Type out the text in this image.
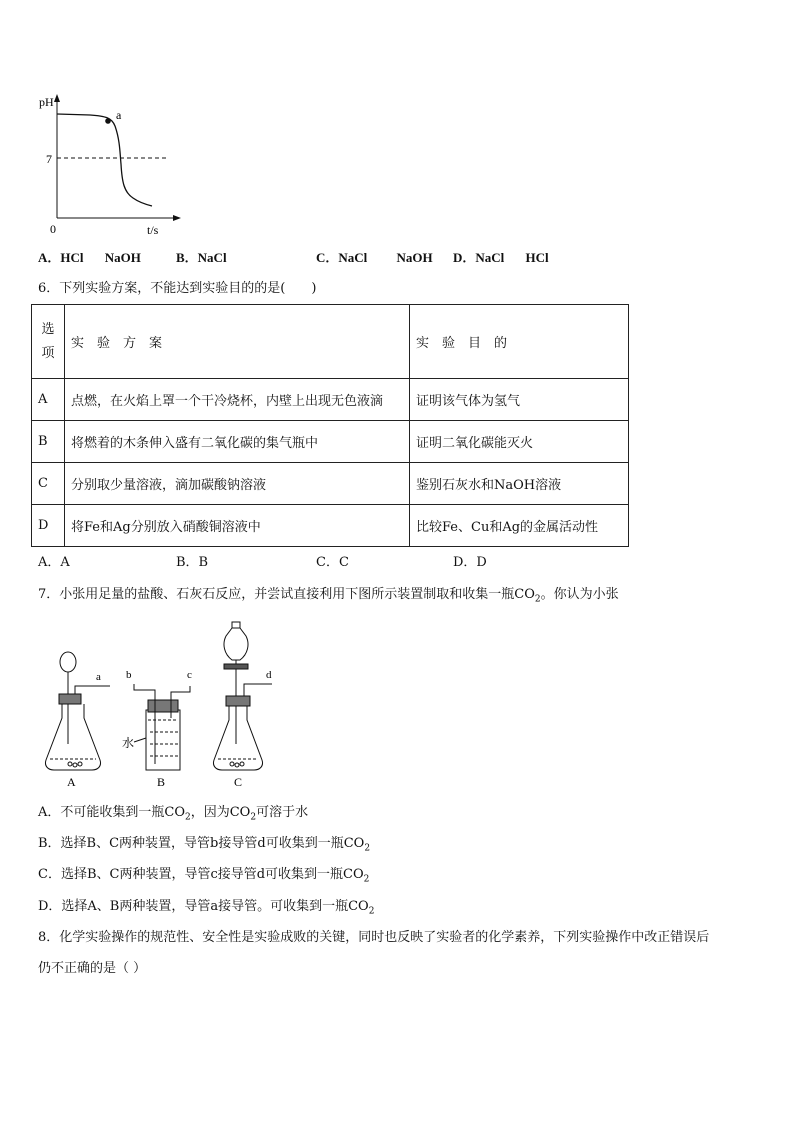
pH
7
0	t/s
a
A．HCl NaOH	B．NaCl	C．NaCl NaOH D．NaCl HCl
6．下列实验方案，不能达到实验目的的是(　　)
选项	实　验　方　案	实　验　目　的
A	点燃，在火焰上罩一个干冷烧杯，内壁上出现无色液滴	证明该气体为氢气
B	将燃着的木条伸入盛有二氧化碳的集气瓶中	证明二氧化碳能灭火
C	分别取少量溶液，滴加碳酸钠溶液	鉴别石灰水和NaOH溶液
D	将Fe和Ag分别放入硝酸铜溶液中	比较Fe、Cu和Ag的金属活动性
A．A	B．B	C．C	D．D
7．小张用足量的盐酸、石灰石反应，并尝试直接利用下图所示装置制取和收集一瓶$CO_2$。你认为小张
a b	c	d
水
A	B	C
A．不可能收集到一瓶$CO_2$，因为$CO_2$可溶于水
B．选择B、C两种装置，导管b接导管d可收集到一瓶$CO_2$
C．选择B、C两种装置，导管c接导管d可收集到一瓶$CO_2$
D．选择A、B两种装置，导管a接导管。可收集到一瓶$CO_2$
8．化学实验操作的规范性、安全性是实验成败的关键，同时也反映了实验者的化学素养，下列实验操作中改正错误后
仍不正确的是（ ）
